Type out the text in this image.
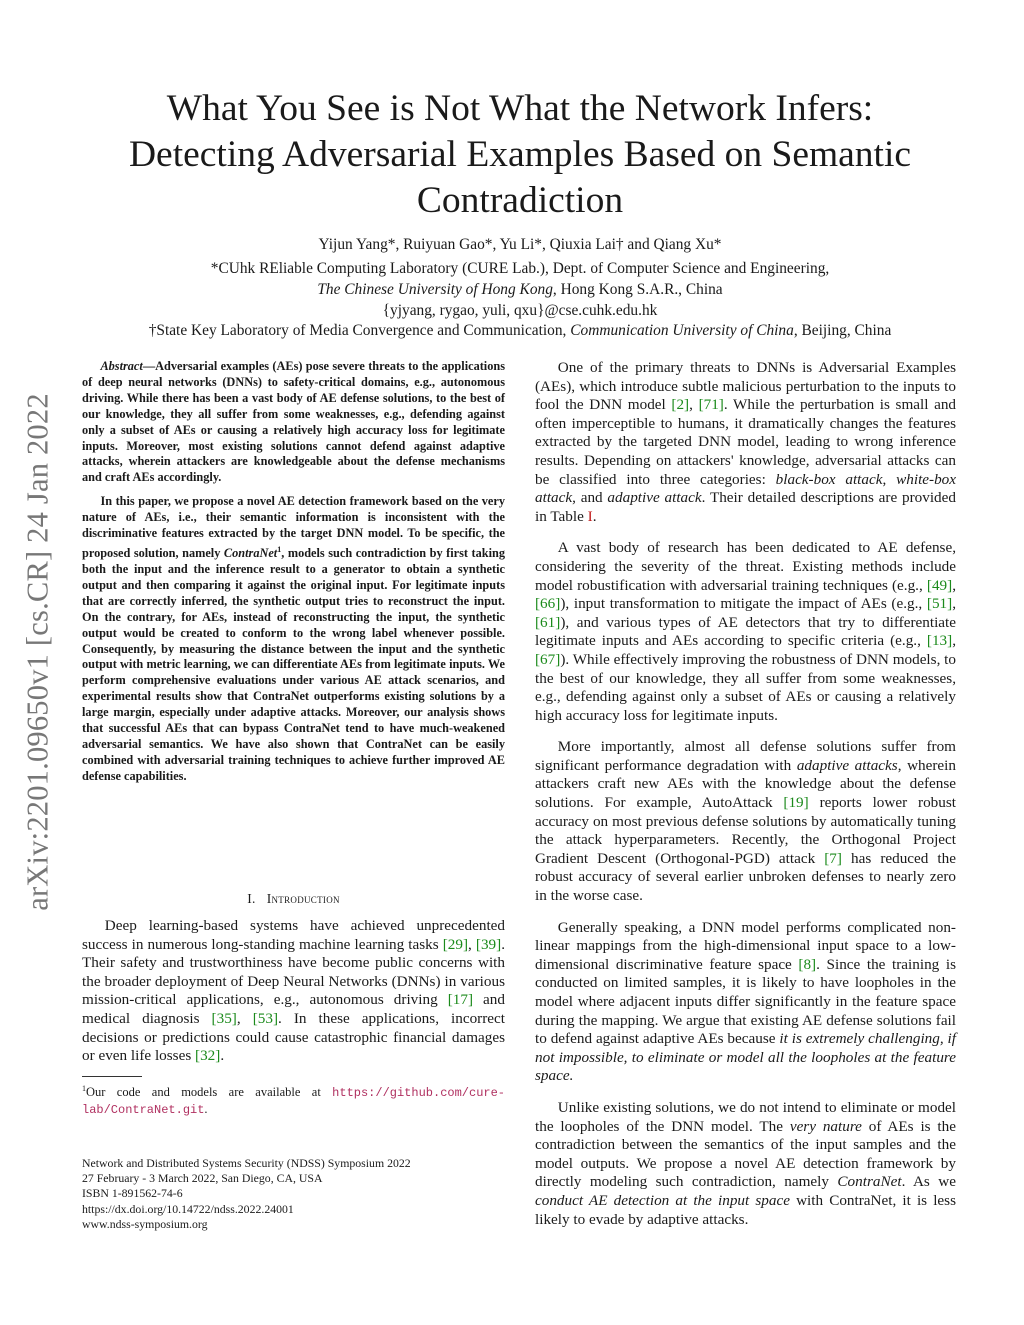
arXiv:2201.09650v1 [cs.CR] 24 Jan 2022
What You See is Not What the Network Infers:
Detecting Adversarial Examples Based on Semantic
Contradiction
Yijun Yang*, Ruiyuan Gao*, Yu Li*, Qiuxia Lai† and Qiang Xu*
*CUhk REliable Computing Laboratory (CURE Lab.), Dept. of Computer Science and Engineering,
The Chinese University of Hong Kong, Hong Kong S.A.R., China
{yjyang, rygao, yuli, qxu}@cse.cuhk.edu.hk
†State Key Laboratory of Media Convergence and Communication, Communication University of China, Beijing, China

Abstract—Adversarial examples (AEs) pose severe threats to the applications of deep neural networks (DNNs) to safety-critical domains, e.g., autonomous driving. While there has been a vast body of AE defense solutions, to the best of our knowledge, they all suffer from some weaknesses, e.g., defending against only a subset of AEs or causing a relatively high accuracy loss for legitimate inputs. Moreover, most existing solutions cannot defend against adaptive attacks, wherein attackers are knowledgeable about the defense mechanisms and craft AEs accordingly.

In this paper, we propose a novel AE detection framework based on the very nature of AEs, i.e., their semantic information is inconsistent with the discriminative features extracted by the target DNN model. To be specific, the proposed solution, namely ContraNet$^1$, models such contradiction by first taking both the input and the inference result to a generator to obtain a synthetic output and then comparing it against the original input. For legitimate inputs that are correctly inferred, the synthetic output tries to reconstruct the input. On the contrary, for AEs, instead of reconstructing the input, the synthetic output would be created to conform to the wrong label whenever possible. Consequently, by measuring the distance between the input and the synthetic output with metric learning, we can differentiate AEs from legitimate inputs. We perform comprehensive evaluations under various AE attack scenarios, and experimental results show that ContraNet outperforms existing solutions by a large margin, especially under adaptive attacks. Moreover, our analysis shows that successful AEs that can bypass ContraNet tend to have much-weakened adversarial semantics. We have also shown that ContraNet can be easily combined with adversarial training techniques to achieve further improved AE defense capabilities.

I. Introduction

Deep learning-based systems have achieved unprecedented success in numerous long-standing machine learning tasks [29], [39]. Their safety and trustworthiness have become public concerns with the broader deployment of Deep Neural Networks (DNNs) in various mission-critical applications, e.g., autonomous driving [17] and medical diagnosis [35], [53]. In these applications, incorrect decisions or predictions could cause catastrophic financial damages or even life losses [32].

$^1$Our code and models are available at https://github.com/cure-lab/ContraNet.git.
Network and Distributed Systems Security (NDSS) Symposium 2022
27 February - 3 March 2022, San Diego, CA, USA
ISBN 1-891562-74-6
https://dx.doi.org/10.14722/ndss.2022.24001
www.ndss-symposium.org

One of the primary threats to DNNs is Adversarial Examples (AEs), which introduce subtle malicious perturbation to the inputs to fool the DNN model [2], [71]. While the perturbation is small and often imperceptible to humans, it dramatically changes the features extracted by the targeted DNN model, leading to wrong inference results. Depending on attackers' knowledge, adversarial attacks can be classified into three categories: black-box attack, white-box attack, and adaptive attack. Their detailed descriptions are provided in Table I.

A vast body of research has been dedicated to AE defense, considering the severity of the threat. Existing methods include model robustification with adversarial training techniques (e.g., [49], [66]), input transformation to mitigate the impact of AEs (e.g., [51], [61]), and various types of AE detectors that try to differentiate legitimate inputs and AEs according to specific criteria (e.g., [13], [67]). While effectively improving the robustness of DNN models, to the best of our knowledge, they all suffer from some weaknesses, e.g., defending against only a subset of AEs or causing a relatively high accuracy loss for legitimate inputs.

More importantly, almost all defense solutions suffer from significant performance degradation with adaptive attacks, wherein attackers craft new AEs with the knowledge about the defense solutions. For example, AutoAttack [19] reports lower robust accuracy on most previous defense solutions by automatically tuning the attack hyperparameters. Recently, the Orthogonal Project Gradient Descent (Orthogonal-PGD) attack [7] has reduced the robust accuracy of several earlier unbroken defenses to nearly zero in the worse case.

Generally speaking, a DNN model performs complicated non-linear mappings from the high-dimensional input space to a low-dimensional discriminative feature space [8]. Since the training is conducted on limited samples, it is likely to have loopholes in the model where adjacent inputs differ significantly in the feature space during the mapping. We argue that existing AE defense solutions fail to defend against adaptive AEs because it is extremely challenging, if not impossible, to eliminate or model all the loopholes at the feature space.

Unlike existing solutions, we do not intend to eliminate or model the loopholes of the DNN model. The very nature of AEs is the contradiction between the semantics of the input samples and the model outputs. We propose a novel AE detection framework by directly modeling such contradiction, namely ContraNet. As we conduct AE detection at the input space with ContraNet, it is less likely to evade by adaptive attacks.
